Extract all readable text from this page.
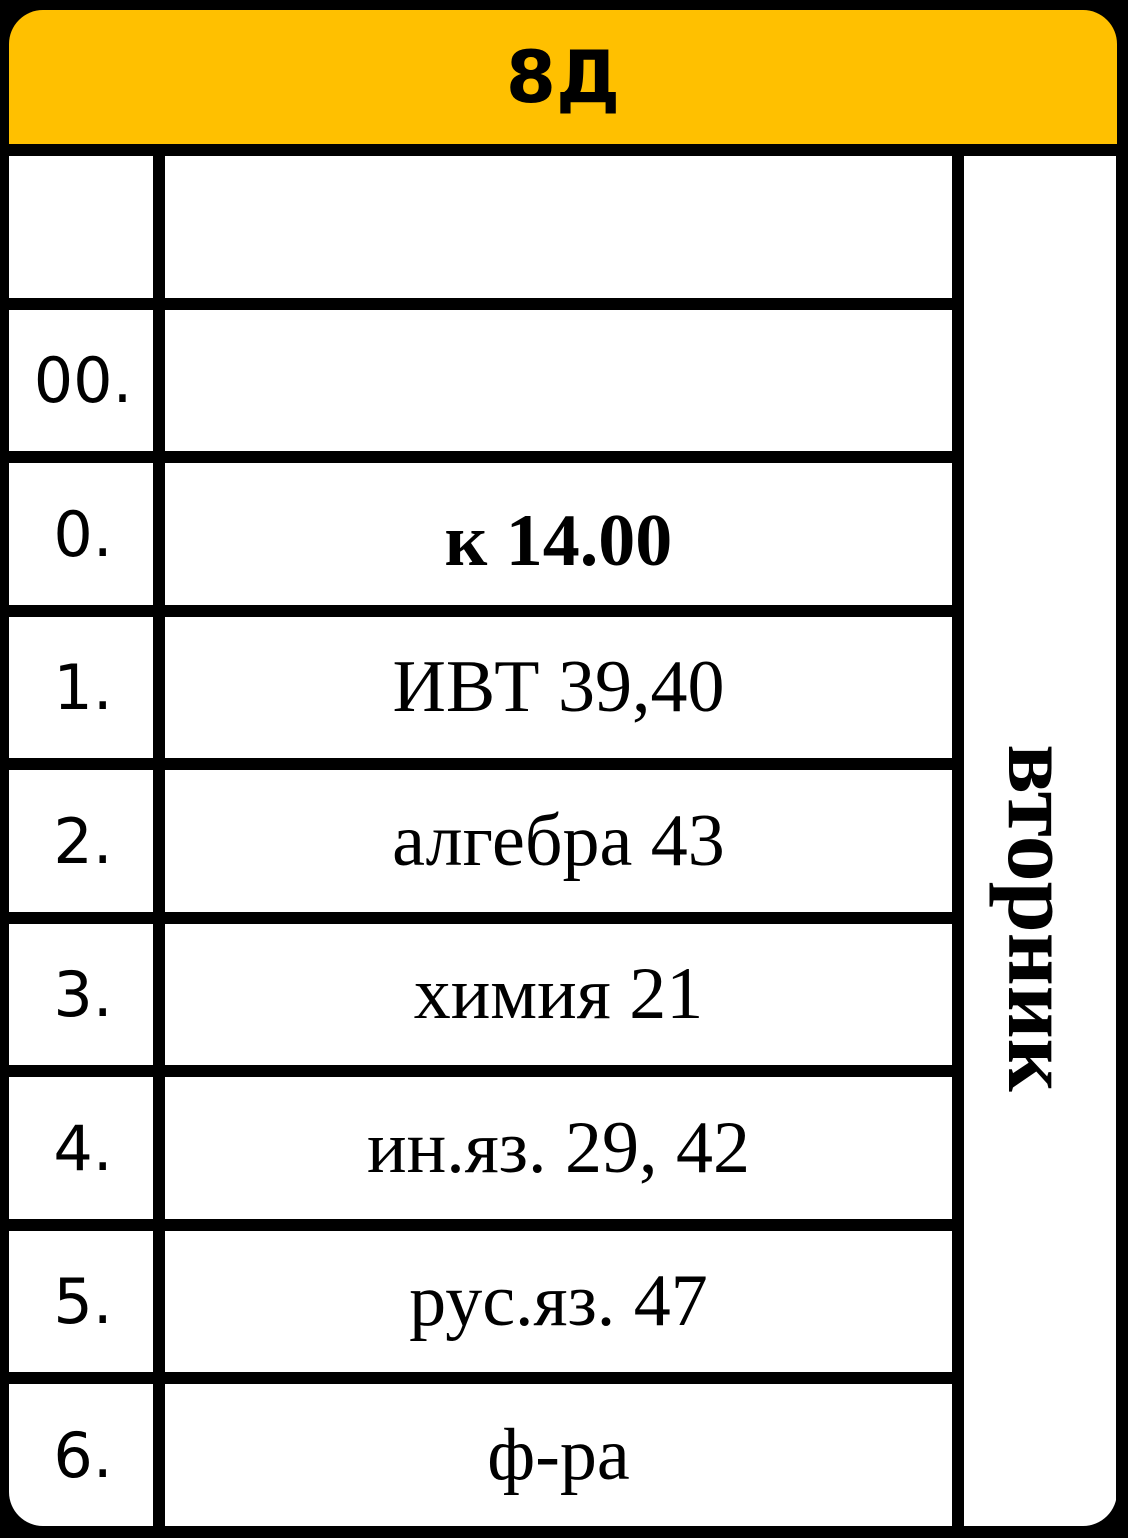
8Д
00.
0.	к 14.00
1.	ИВТ 39,40
2.	алгебра 43
3.	химия 21
4.	ин.яз. 29, 42
5.	рус.яз. 47
6.	ф-ра
вторник
